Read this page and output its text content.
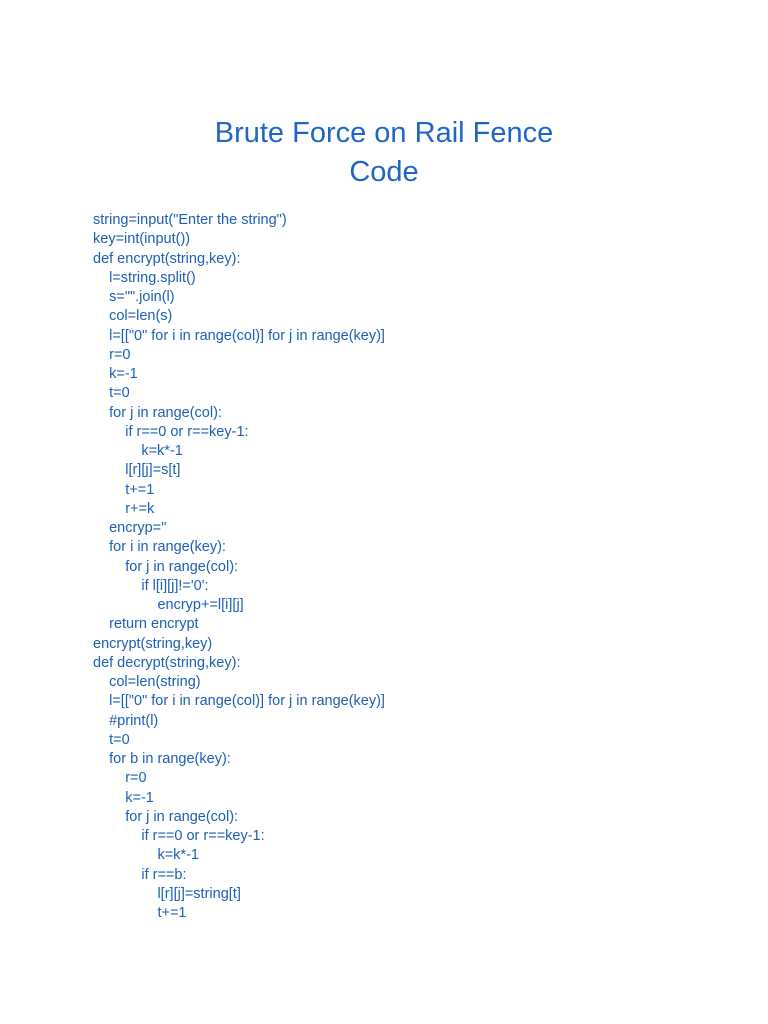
Brute Force on Rail Fence
Code
string=input("Enter the string")
key=int(input())
def encrypt(string,key):
l=string.split()
s="".join(l)
col=len(s)
l=[["0" for i in range(col)] for j in range(key)]
r=0
k=-1
t=0
for j in range(col):
if r==0 or r==key-1:
k=k*-1
l[r][j]=s[t]
t+=1
r+=k
encryp=''
for i in range(key):
for j in range(col):
if l[i][j]!='0':
encryp+=l[i][j]
return encrypt
encrypt(string,key)
def decrypt(string,key):
col=len(string)
l=[["0" for i in range(col)] for j in range(key)]
#print(l)
t=0
for b in range(key):
r=0
k=-1
for j in range(col):
if r==0 or r==key-1:
k=k*-1
if r==b:
l[r][j]=string[t]
t+=1
